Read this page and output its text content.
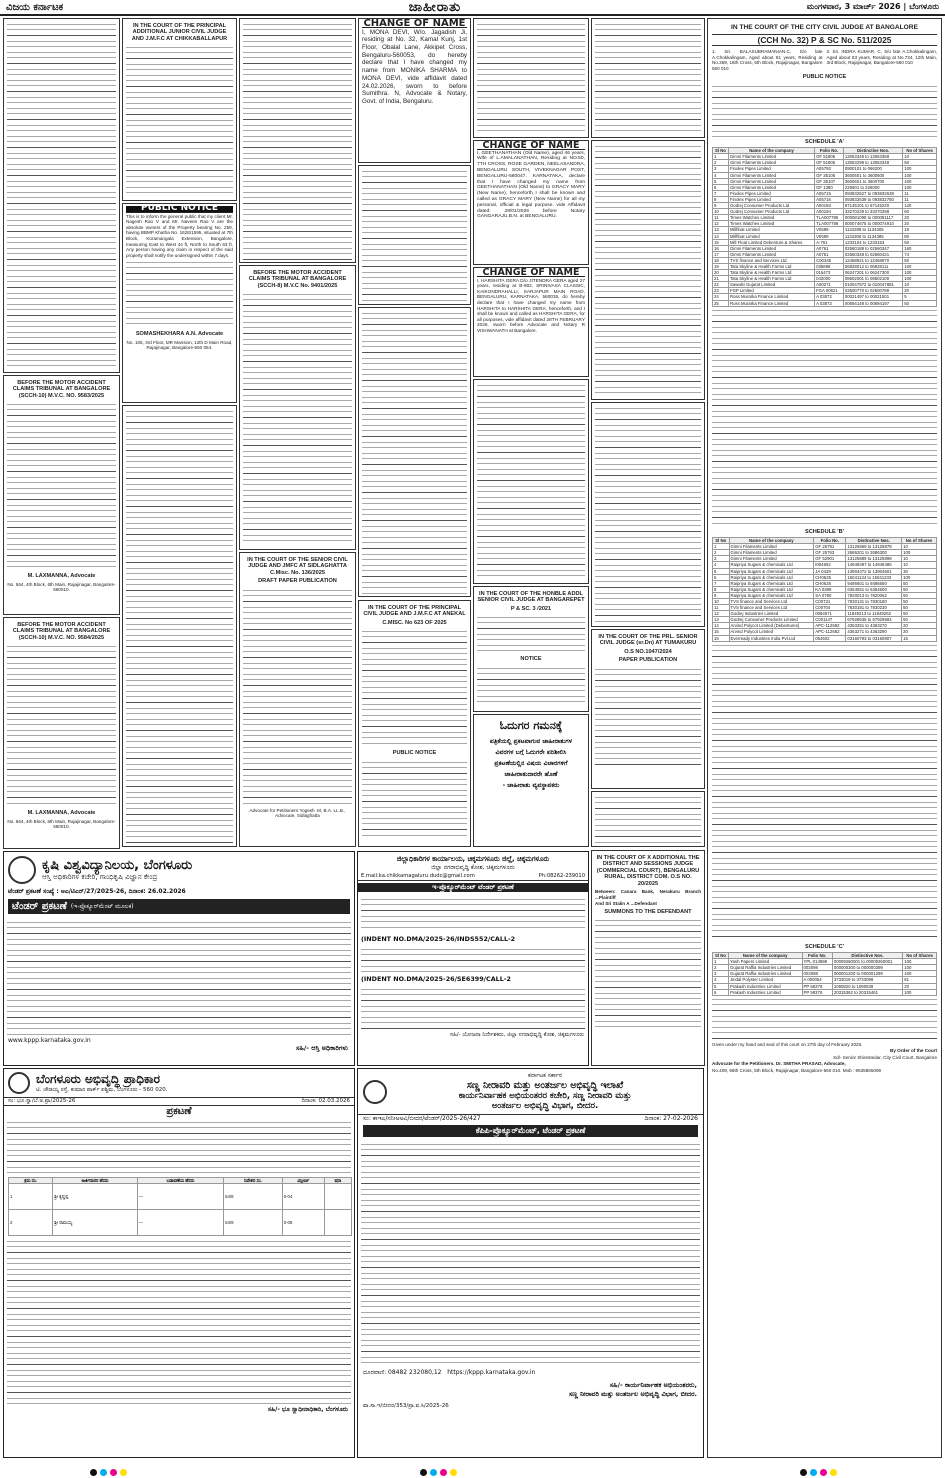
ವಿಜಯ ಕರ್ನಾಟಕ	ಜಾಹೀರಾತು	ಮಂಗಳವಾರ, 3 ಮಾರ್ಚ್ 2026 | ಬೆಂಗಳೂರು
BEFORE THE MOTOR ACCIDENT CLAIMS TRIBUNAL AT BANGALORE (SCCH-10) M.V.C. NO. 9583/2025
M. LAXMANNA, Advocate

No. 564, 4th Block, 6th Main, Rajajinagar, Bangalore-560010.

BEFORE THE MOTOR ACCIDENT CLAIMS TRIBUNAL AT BANGALORE (SCCH-10) M.V.C. NO. 9584/2025
M. LAXMANNA, Advocate

No. 564, 4th Block, 6th Main, Rajajinagar, Bangalore-560010.

IN THE COURT OF THE PRINCIPAL ADDITIONAL JUNIOR CIVIL JUDGE AND J.M.F.C AT CHIKKABALLAPUR
PUBLIC NOTICE

This is to inform the general public that my client Mr. Nagesh Rao V and Mr. Naveen Rao V are the absolute owners of the Property bearing No. 259, having BBMP Khatha No. 1628/1595, situated at 7th Block, Koramangala Extension, Bangalore, measuring East to West 44 ft, North to South 63 ft. Any person having any claim in respect of the said property shall notify the undersigned within 7 days.

SOMASHEKHARA A.N. Advocate

No. 105, 3rd Floor, MR Mansion, 12th D Main Road, Rajajinagar, Bangalore-560 054.

BEFORE THE MOTOR ACCIDENT CLAIMS TRIBUNAL AT BANGALORE (SCCH-8) M.V.C No. 9401/2025
IN THE COURT OF THE SENIOR CIVIL JUDGE AND JMFC AT SIDLAGHATTA C.Misc. No. 136/2025
DRAFT PAPER PUBLICATION

Advocate for Petitioners Yogesh .M, B.A. LL.B., Advocate, Sidlaghatta

CHANGE OF NAME

I, MONA DEVI, W/o. Jagadish Ji, residing at No. 32, Kamal Kunj, 1st Floor, Obalal Lane, Akkipet Cross, Bengaluru-560053, do hereby declare that I have changed my name from MONIKA SHARMA to MONA DEVI, vide affidavit dated 24.02.2026, sworn to before Sumithra. N, Advocate & Notary, Govt. of India, Bengaluru.

IN THE COURT OF THE PRINCIPAL CIVIL JUDGE AND J.M.F.C AT ANEKAL
C.MISC. No 623 OF 2025
PUBLIC NOTICE
CHANGE OF NAME

I, GEETHANATHAN (Old Name), aged 46 years, Wife of L.AMALANATHAN, Residing at NO.50, 7TH CROSS, ROSE GARDEN, NEELASANDRA, BENGALURU SOUTH, VIVEKNAGAR POST, BENGALURU-560047, KARNATAKA, declare that I have changed my name from GEETHANATHAN (Old Name) to GRACY MARY (New Name), henceforth I shall be known and called as GRACY MARY (New Name) for all my personal, official & legal purpose. vide Affidavit dated: 28/01/2026 before Notary GANGARAJU.B.N. at BENGALURU.

CHANGE OF NAME

I, HARSHITA GERA D/o JITENDRA GERA aged 27 years, residing at B-902, SRINIVASA CLASSIC, KAIKONDRAHALLI, SARJAPUR MAIN ROAD, BENGALURU, KARNATAKA, 560035, do hereby declare that I have changed my name from HARSHITA to HARSHITA GERA, henceforth, and I shall be known and called as HARSHITA GERA, for all purposes, vide affidavit dated 28TH FEBRUARY 2026, sworn before Advocate and Notary R VISHWANATH at Bangalore.

IN THE COURT OF THE HONBLE ADDL SENIOR CIVIL JUDGE AT BANGAREPET
P & SC. 3 /2021
NOTICE
ಓದುಗರ ಗಮನಕ್ಕೆ
ಪತ್ರಿಕೆಯಲ್ಲಿ ಪ್ರಕಟವಾಗುವ ಜಾಹೀರಾತುಗಳ
ವಿವರಗಳ ಬಗ್ಗೆ ಓದುಗರೇ ಪರಿಶೀಲಿಸಿ
ಪ್ರಕಟಣೆಯಲ್ಲಿನ ವಿಷಯ ವಿಚಾರಗಳಿಗೆ
ಜಾಹೀರಾತುದಾರರೇ ಹೊಣೆ
- ಜಾಹೀರಾತು ವ್ಯವಸ್ಥಾಪಕರು
IN THE COURT OF THE PRL. SENIOR CIVIL JUDGE (sr.Dn) AT TUMAKURU
O.S NO.1047/2024
PAPER PUBLICATION
IN THE COURT OF THE CITY CIVIL JUDGE AT BANGALORE
(CCH No. 32) P & SC No. 511/2025

1. Sri. BALASUBRAMANIAN.C, S/o late A.Chokkalingam, Aged about 81 years, Residing at No.369, 16th Cross, 5th Block, Rajajinagar, Bangalore 560 010

2. Sri. INDRA KUMAR. C, S/o late A.Chokkalingam, Aged about 63 years, Residing at No.734, 12th Main, 3rd Block, Rajajinagar, Bangalore-560 010

PUBLIC NOTICE
SCHEDULE 'A'
Sl No	Name of the company	Folio No.	Distinctive Nos.	No of Shares
1	Gimni Filaments Limited	GF 51806	13063349 to 13063358	10
2	Gimni Filaments Limited	GF 51806	13063299 to 13063348	50
3	Finolex Pipes Limited	A05793	0900101 to 066200	100
4	Gimni Filaments Limited	GF 35106	3600501 to 3600600	100
5	Gimni Filaments Limited	GF 35107	3600601 to 3600700	100
6	Gimni Filaments Limited	GF 1380	225901 to 226000	100
7	Finolex Pipes Limited	A05715	093832527 to 093832638	11
8	Finolex Pipes Limited	A05716	093832639 to 093832750	11
9	Godrej Consumer Products Ltd	A00193	67145101 to 67145220	120
10	Godrej Consumer Products Ltd	A00194	33270229 to 33270288	60
11	Times Watches Limited	TLA007795	000081098 to 000081117	20
12	Times Watches Limited	TLA007798	000074675 to 000074910	20
13	Millfloat Limited	V0598	1134288 to 1134305	18
14	Millfloat Limited	V0599	1134306 to 1134385	80
15	Mill Float Limited Debenture & Shares	A-761	1233104 to 1233153	50
16	Gimni Filaments Limited	A0761	02560188 to 02560347	160
17	Gimni Filaments Limited	A0761	02560348 to 02560421	74
18	TVS finance and Services Ltd	C00345	12468921 to 12468970	50
19	Tata Skyline & Health Farms Ltd	035698	06828012 to 06828111	100
20	Tata Skyline & Health Farms Ltd	016473	06247201 to 06247300	100
21	Tata Skyline & Health Farms Ltd	042000	08602001 to 08602100	100
22	Sawalsi Gujarat Limited	A00271	010047872 to 010047881	10
23	FGP Limited	FGA 00621	02600770 to 02600789	20
24	Ross Murarka Finance Limited	A 03872	00021497 to 00021501	5
25	Ross Murarka Finance Limited	A 03872	00694148 to 00694197	50
SCHEDULE 'B'
Sl No	Name of the company	Folio No.	Distinctive Nos.	No of Shares
1	Gimni Filaments Limited	GF 25791	13125869 to 13125878	10
2	Gimni Filaments Limited	GF 25763	2686201 to 2686300	100
3	Gimni Filaments Limited	GF 52901	13125889 to 13125898	10
4	Raipriya Sugars & chemicals Ltd	I004652	14948497 to 14948486	10
5	Raipriya Sugars & chemicals Ltd	JA 0429	13904472 to 13904501	30
6	Raipriya Sugars & chemicals Ltd	CH0625	15041134 to 15041233	100
7	Raipriya Sugars & chemicals Ltd	CH0626	9486601 to 9486650	50
8	Raipriya Sugars & chemicals Ltd	KA 0389	6354551 to 6354600	50
9	Raipriya Sugars & chemicals Ltd	SA 0780	7820013 to 7820062	50
10	TVS finance and Services Ltd	C00731	7830131 to 7830180	50
11	TVS finance and Services Ltd	C00704	7830181 to 7830230	50
12	Godrej Industries Limited	0084571	11849213 to 11849262	50
13	Godrej Consumer Products Limited	C001147	67929535 to 67929584	50
14	Arvind Polycot Limited (Debentures)	APC-112682	4363251 to 4363270	20
15	Arvind Polycot Limited	APC-112682	4363271 to 4363290	20
16	Everready Industries India Pvt.Ltd	054502	03160793 to 03160807	15
SCHEDULE 'C'
Sl No	Name of the company	Folio No.	Distinctive Nos.	No of Shares
1	Yash Papers Limited	YPL 014898	00009260001 to 00009260001	100
2	Gujarat Raffia Industries Limited	003098	000000300 to 000000399	100
3	Gujarat Raffia Industries Limited	003098	000001200 to 000001299	100
4	Jindal Polyster Limited	A 000054	3733019 to 3733099	81
5	Prakash Industries Limited	PP 59378	1090820 to 1090839	20
6	Prakash Industries Limited	PP 59378	20315362 to 20315461	100

Given under my hand and seal of this court on 27th day of February 2026.

By Order of the Court

Sd/- Senior Shirestedar, City Civil Court, Bangalore

Advocate for the Petitioners. Dr. SMITHA PRASAD, Advocate,

No.409, 66th Cross, 5th Block, Rajajinagar, Bangalore-560 010. Mob : 9535865099

ಕೃಷಿ ವಿಶ್ವವಿದ್ಯಾನಿಲಯ, ಬೆಂಗಳೂರು
ಆಸ್ತಿ ಅಧಿಕಾರಿಗಳ ಕಚೇರಿ, ಗಾಂಧಿಕೃಷಿ ವಿಜ್ಞಾನ ಕೇಂದ್ರ
ಟೆಂಡರ್ ಪ್ರಕಟಣೆ ಸಂಖ್ಯೆ : ಆಎ/ಟಿಎನ್/27/2025-26, ದಿನಾಂಕ: 26.02.2026
ಟೆಂಡರ್ ಪ್ರಕಟಣೆ (ಇ-ಪ್ರೊಕ್ಯೂರ್‌ಮೆಂಟ್ ಮೂಲಕ)
www.kppp.karnataka.gov.in
ಸಹಿ/- ಆಸ್ತಿ ಅಧಿಕಾರಿಗಳು
ಜಿಲ್ಲಾಧಿಕಾರಿಗಳ ಕಾರ್ಯಾಲಯ, ಚಿಕ್ಕಮಗಳೂರು ಜಿಲ್ಲೆ, ಚಿಕ್ಕಮಗಳೂರು
ಜಿಲ್ಲಾ ನಗರಾಭಿವೃದ್ಧಿ ಕೋಶ, ಚಿಕ್ಕಮಗಳೂರು
E.mail:ka.chikkamagaluru.dudc@gmail.com	Ph:08262-239010
ಇ-ಪ್ರೊಕ್ಯೂರ್‌ಮೆಂಟ್ ಟೆಂಡರ್ ಪ್ರಕಟಣೆ
(INDENT NO.DMA/2025-26/INDS552/CALL-2
(INDENT NO.DMA/2025-26/SE6399/CALL-2
ಸಹಿ/- ಯೋಜನಾ ನಿರ್ದೇಶಕರು, ಜಿಲ್ಲಾ ನಗರಾಭಿವೃದ್ಧಿ ಕೋಶ, ಚಿಕ್ಕಮಗಳೂರು
ಬೆಂಗಳೂರು ಅಭಿವೃದ್ಧಿ ಪ್ರಾಧಿಕಾರ
ಟಿ. ಚೌಡಯ್ಯ ರಸ್ತೆ, ಕುಮಾರ ಪಾರ್ಕ್ ಪಶ್ಚಿಮ, ಬೆಂಗಳೂರು - 560 020.
ಸಂ: ಭೂ.ಸ್ವಾ/ಬೆ.ಅ.ಪ್ರಾ/2025-26	ದಿನಾಂಕ: 02.03.2026
ಪ್ರಕಟಣೆ
ಕ್ರಮ ಸಂ.	ಅರ್ಜಿದಾರರ ಹೆಸರು	ಬಡಾವಣೆಯ ಹೆಸರು	ನಿವೇಶನ ಸಂ.	ವಿಸ್ತೀರ್ಣ	ಷರಾ
1	ಶ್ರೀ ಕೃಷ್ಣಪ್ಪ	—	54/8	0-04	
2	ಶ್ರೀ ರಾಮಯ್ಯ	—	54/9	0-08	
ಸಹಿ/- ಭೂ ಸ್ವಾಧೀನಾಧಿಕಾರಿ, ಬೆಂಗಳೂರು
ಕರ್ನಾಟಕ ಸರ್ಕಾರ
ಸಣ್ಣ ನೀರಾವರಿ ಮತ್ತು ಅಂತರ್ಜಲ ಅಭಿವೃದ್ಧಿ ಇಲಾಖೆ
ಕಾರ್ಯನಿರ್ವಾಹಕ ಅಭಿಯಂತರರ ಕಚೇರಿ, ಸಣ್ಣ ನೀರಾವರಿ ಮತ್ತು
ಅಂತರ್ಜಲ ಅಭಿವೃದ್ಧಿ ವಿಭಾಗ, ಬೀದರ.
ಸಂ: ಕಾಇಎ/ಸನೀಅಅವಿ/ಬೀದರ/ಟೆಂಡರ್/2025-26/427	ದಿನಾಂಕ: 27-02-2026
ಕೆಪಿಪಿ-ಪ್ರೊಕ್ಯೂರ್‌ಮೆಂಟ್, ಟೆಂಡರ್ ಪ್ರಕಟಣೆ
ದೂರವಾಣಿ: 08482 232080,12 https://kppp.karnataka.gov.in
ಸಹಿ/- ಕಾರ್ಯನಿರ್ವಾಹಕ ಅಭಿಯಂತರರು,
ಸಣ್ಣ ನೀರಾವರಿ ಮತ್ತು ಅಂತರ್ಜಲ ಅಭಿವೃದ್ಧಿ ವಿಭಾಗ, ಬೀದರ.
ವಾ.ಸಾ.ಇ/ಬೀದರ/353/ಪ್ರಾ.ವ.ಸಿ/2025-26
IN THE COURT OF X ADDITIONAL THE DISTRICT AND SESSIONS JUDGE (COMMERCIAL COURT), BENGALURU RURAL, DISTRICT COM. O.S NO. 20/2025

Between: Canara Bank, Nerakuru Branch ...Plaintiff

And Sri Stalin A ...Defendant

SUMMONS TO THE DEFENDANT
